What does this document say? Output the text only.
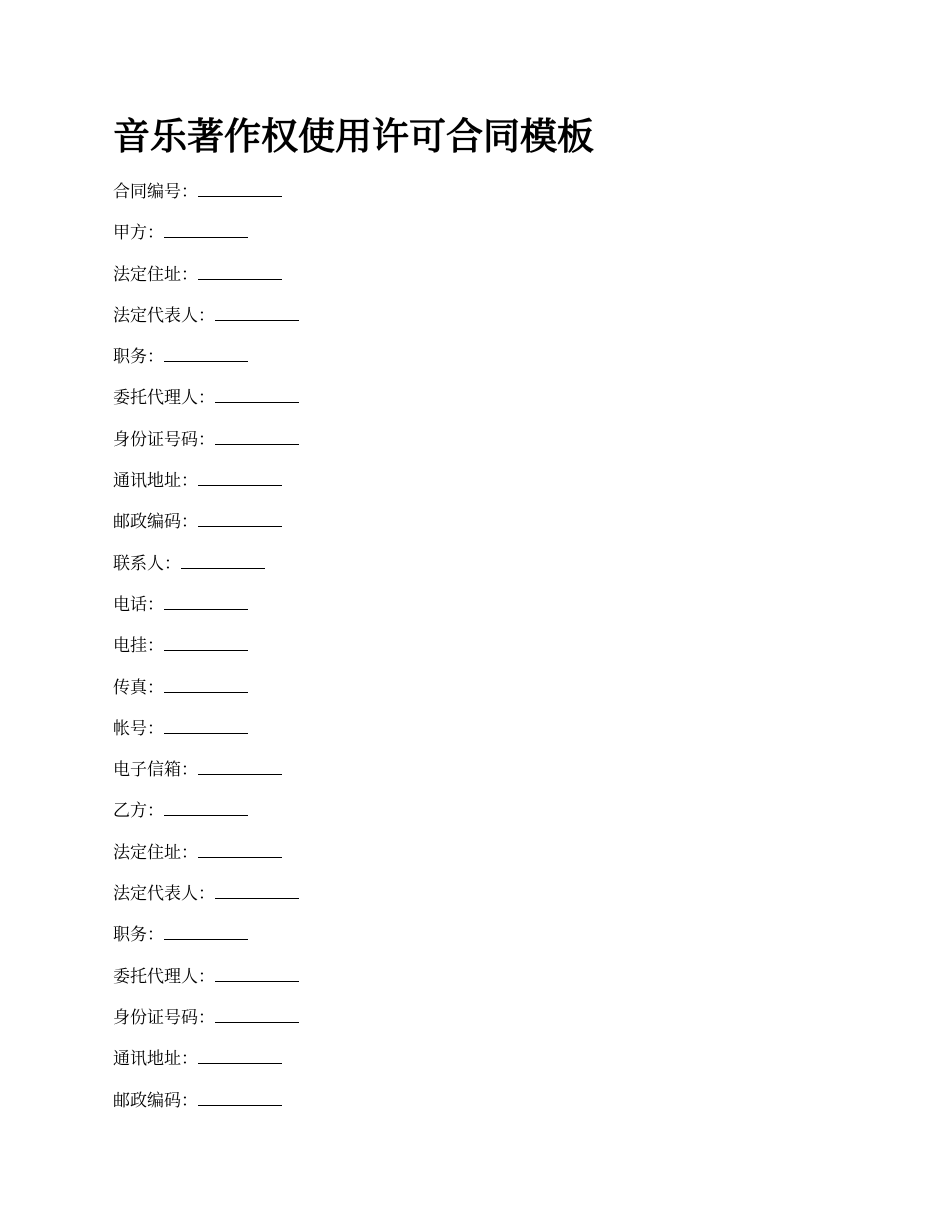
音乐著作权使用许可合同模板
合同编号：
甲方：
法定住址：
法定代表人：
职务：
委托代理人：
身份证号码：
通讯地址：
邮政编码：
联系人：
电话：
电挂：
传真：
帐号：
电子信箱：
乙方：
法定住址：
法定代表人：
职务：
委托代理人：
身份证号码：
通讯地址：
邮政编码：
